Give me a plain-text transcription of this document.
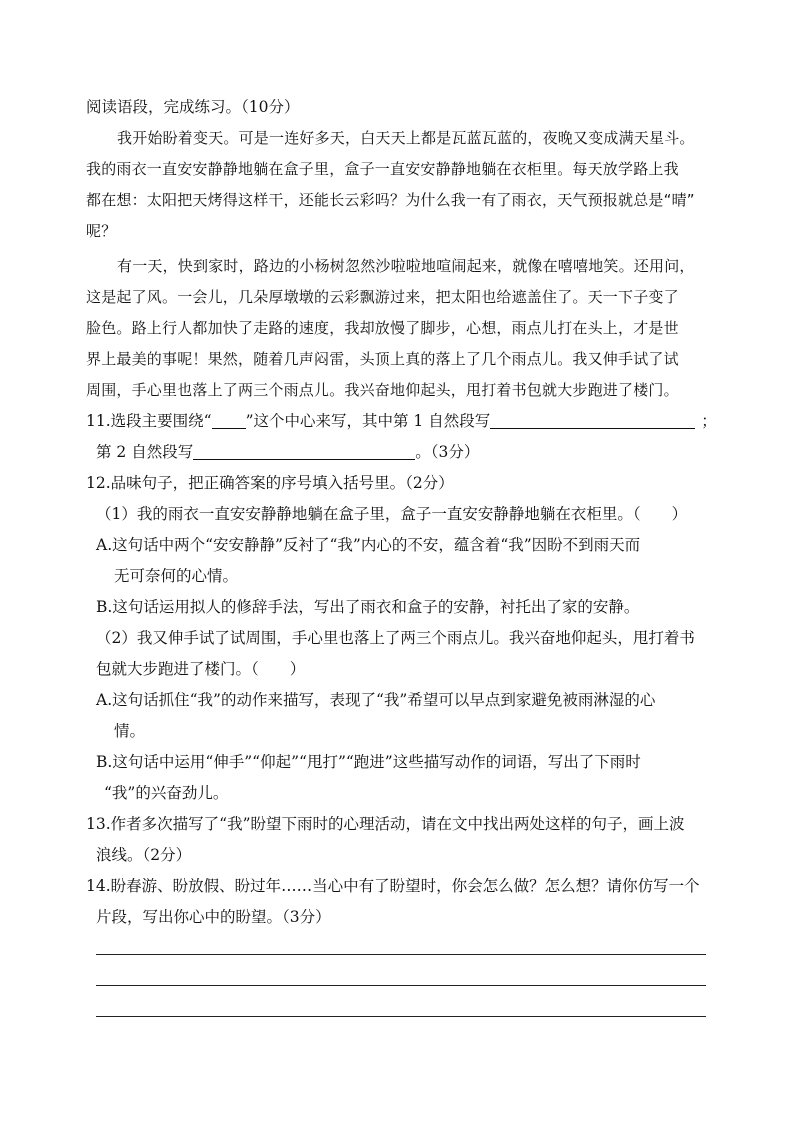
阅读语段，完成练习。（10分）
我开始盼着变天。可是一连好多天，白天天上都是瓦蓝瓦蓝的，夜晚又变成满天星斗。
我的雨衣一直安安静静地躺在盒子里，盒子一直安安静静地躺在衣柜里。每天放学路上我
都在想：太阳把天烤得这样干，还能长云彩吗？为什么我一有了雨衣，天气预报就总是“晴”
呢？
有一天，快到家时，路边的小杨树忽然沙啦啦地喧闹起来，就像在嘻嘻地笑。还用问，
这是起了风。一会儿，几朵厚墩墩的云彩飘游过来，把太阳也给遮盖住了。天一下子变了
脸色。路上行人都加快了走路的速度，我却放慢了脚步，心想，雨点儿打在头上，才是世
界上最美的事呢！果然，随着几声闷雷，头顶上真的落上了几个雨点儿。我又伸手试了试
周围，手心里也落上了两三个雨点儿。我兴奋地仰起头，甩打着书包就大步跑进了楼门。
11.选段主要围绕“ ”这个中心来写，其中第 1 自然段写	；
第 2 自然段写	。（3分）
12.品味句子，把正确答案的序号填入括号里。（2分）
（1）我的雨衣一直安安静静地躺在盒子里，盒子一直安安静静地躺在衣柜里。（　　）
A.这句话中两个“安安静静”反衬了“我”内心的不安，蕴含着“我”因盼不到雨天而
无可奈何的心情。
B.这句话运用拟人的修辞手法，写出了雨衣和盒子的安静，衬托出了家的安静。
（2）我又伸手试了试周围，手心里也落上了两三个雨点儿。我兴奋地仰起头，甩打着书
包就大步跑进了楼门。（　　）
A.这句话抓住“我”的动作来描写，表现了“我”希望可以早点到家避免被雨淋湿的心
情。
B.这句话中运用“伸手”“仰起”“甩打”“跑进”这些描写动作的词语，写出了下雨时
“我”的兴奋劲儿。
13.作者多次描写了“我”盼望下雨时的心理活动，请在文中找出两处这样的句子，画上波
浪线。（2分）
14.盼春游、盼放假、盼过年……当心中有了盼望时，你会怎么做？怎么想？请你仿写一个
片段，写出你心中的盼望。（3分）
